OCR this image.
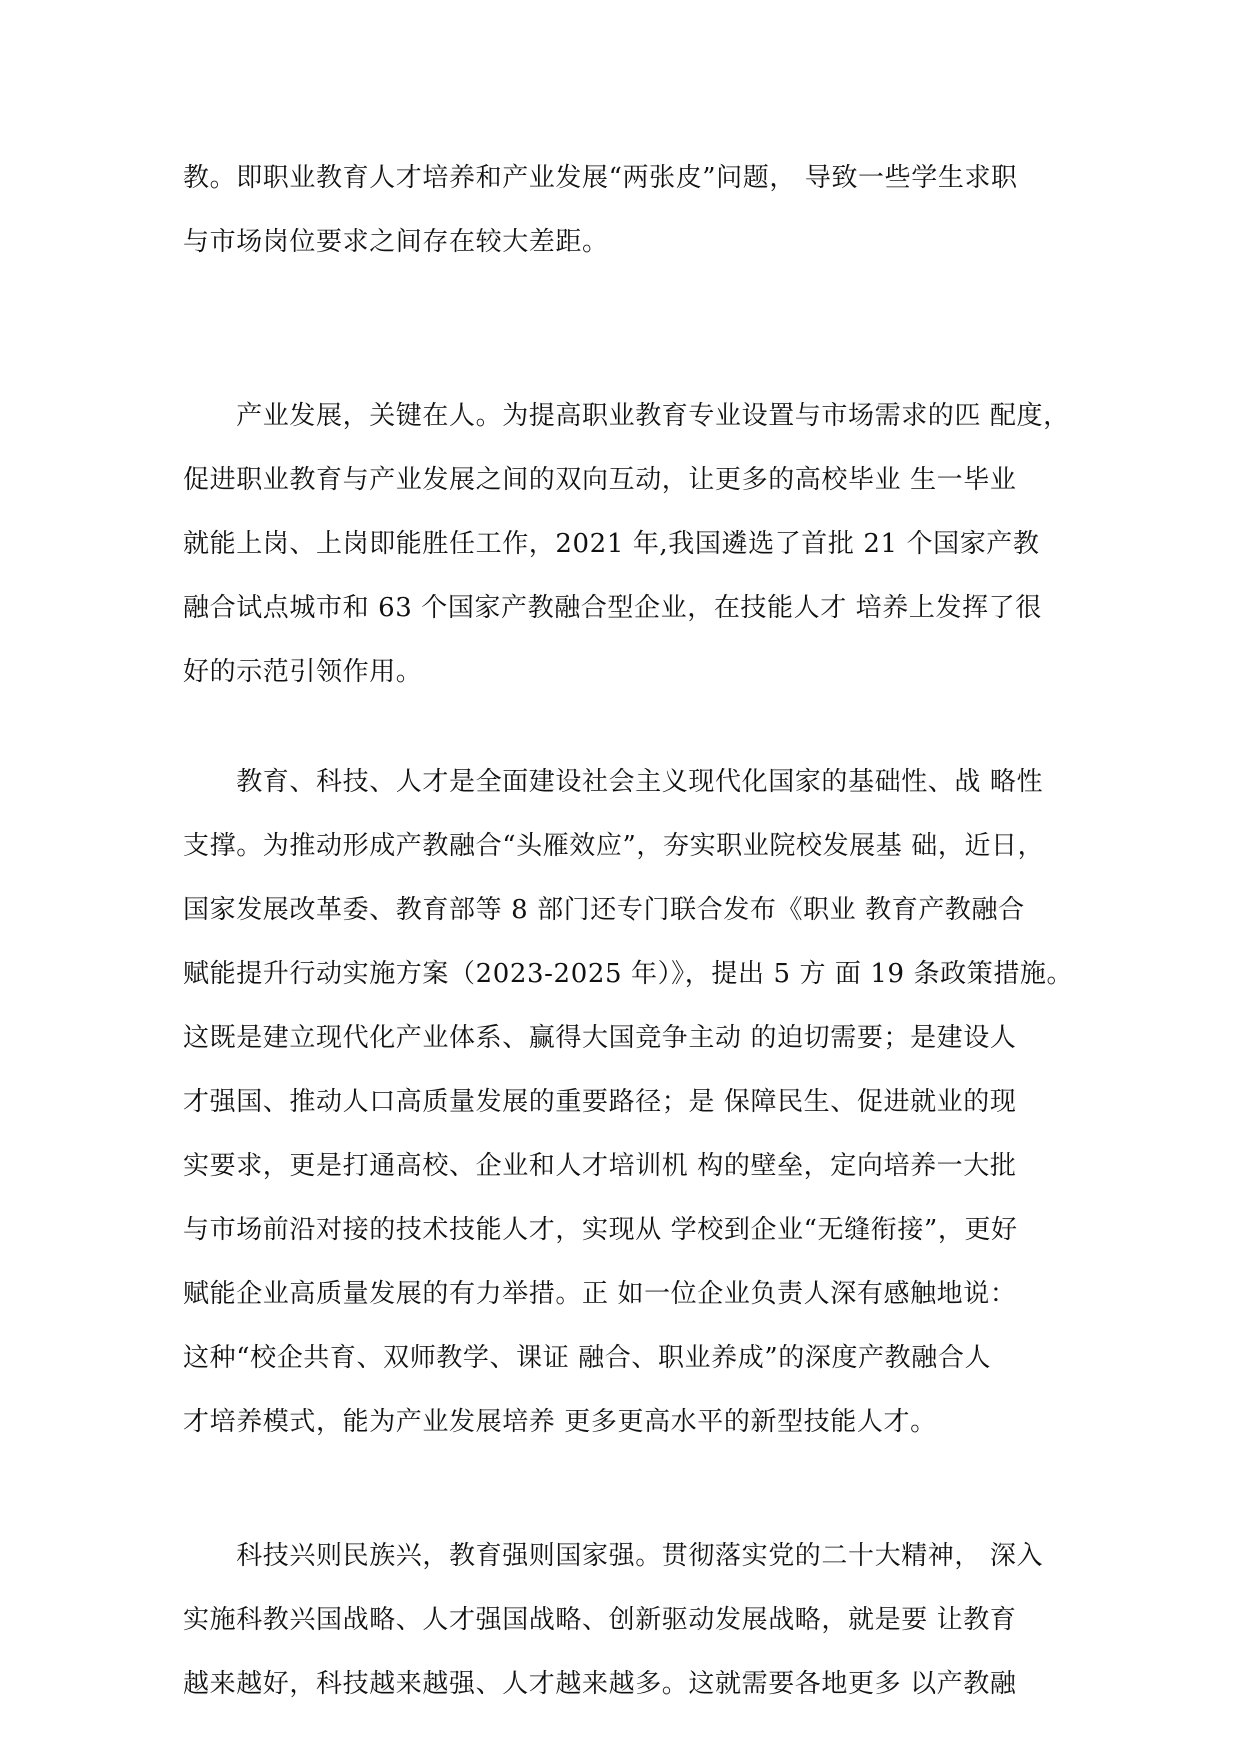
教。即职业教育人才培养和产业发展“两张皮”问题， 导致一些学生求职
与市场岗位要求之间存在较大差距。
　　产业发展，关键在人。为提高职业教育专业设置与市场需求的匹 配度，
促进职业教育与产业发展之间的双向互动，让更多的高校毕业 生一毕业
就能上岗、上岗即能胜任工作，2021 年,我国遴选了首批 21 个国家产教
融合试点城市和 63 个国家产教融合型企业，在技能人才 培养上发挥了很
好的示范引领作用。
　　教育、科技、人才是全面建设社会主义现代化国家的基础性、战 略性
支撑。为推动形成产教融合“头雁效应”，夯实职业院校发展基 础，近日，
国家发展改革委、教育部等 8 部门还专门联合发布《职业 教育产教融合
赋能提升行动实施方案（2023-2025 年）》，提出 5 方 面 19 条政策措施。
这既是建立现代化产业体系、赢得大国竞争主动 的迫切需要；是建设人
才强国、推动人口高质量发展的重要路径；是 保障民生、促进就业的现
实要求，更是打通高校、企业和人才培训机 构的壁垒，定向培养一大批
与市场前沿对接的技术技能人才，实现从 学校到企业“无缝衔接”，更好
赋能企业高质量发展的有力举措。正 如一位企业负责人深有感触地说：
这种“校企共育、双师教学、课证 融合、职业养成”的深度产教融合人
才培养模式，能为产业发展培养 更多更高水平的新型技能人才。
　　科技兴则民族兴，教育强则国家强。贯彻落实党的二十大精神， 深入
实施科教兴国战略、人才强国战略、创新驱动发展战略，就是要 让教育
越来越好，科技越来越强、人才越来越多。这就需要各地更多 以产教融
